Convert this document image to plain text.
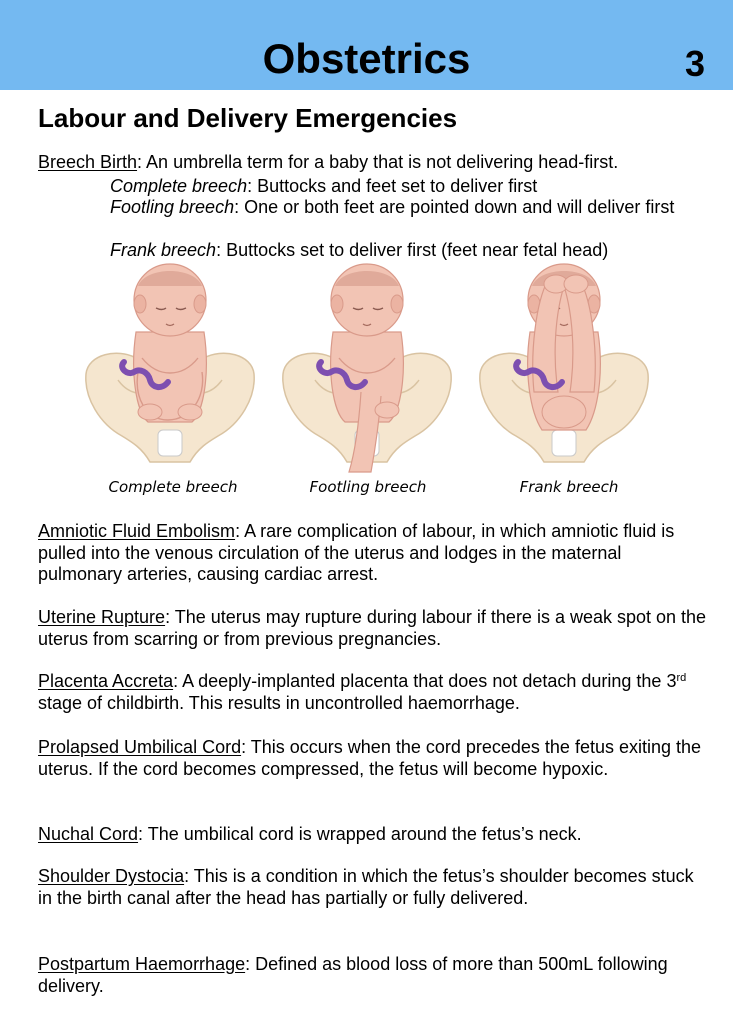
Obstetrics	3
Labour and Delivery Emergencies
Breech Birth: An umbrella term for a baby that is not delivering head-first.
Complete breech: Buttocks and feet set to deliver first
Footling breech: One or both feet are pointed down and will deliver first
Frank breech: Buttocks set to deliver first (feet near fetal head)
Complete breech	Footling breech	Frank breech
Amniotic Fluid Embolism: A rare complication of labour, in which amniotic fluid is pulled into the venous circulation of the uterus and lodges in the maternal pulmonary arteries, causing cardiac arrest.
Uterine Rupture: The uterus may rupture during labour if there is a weak spot on the uterus from scarring or from previous pregnancies.
Placenta Accreta: A deeply-implanted placenta that does not detach during the 3rd stage of childbirth. This results in uncontrolled haemorrhage.
Prolapsed Umbilical Cord: This occurs when the cord precedes the fetus exiting the uterus. If the cord becomes compressed, the fetus will become hypoxic.
Nuchal Cord: The umbilical cord is wrapped around the fetus’s neck.
Shoulder Dystocia: This is a condition in which the fetus’s shoulder becomes stuck in the birth canal after the head has partially or fully delivered.
Postpartum Haemorrhage: Defined as blood loss of more than 500mL following delivery.
